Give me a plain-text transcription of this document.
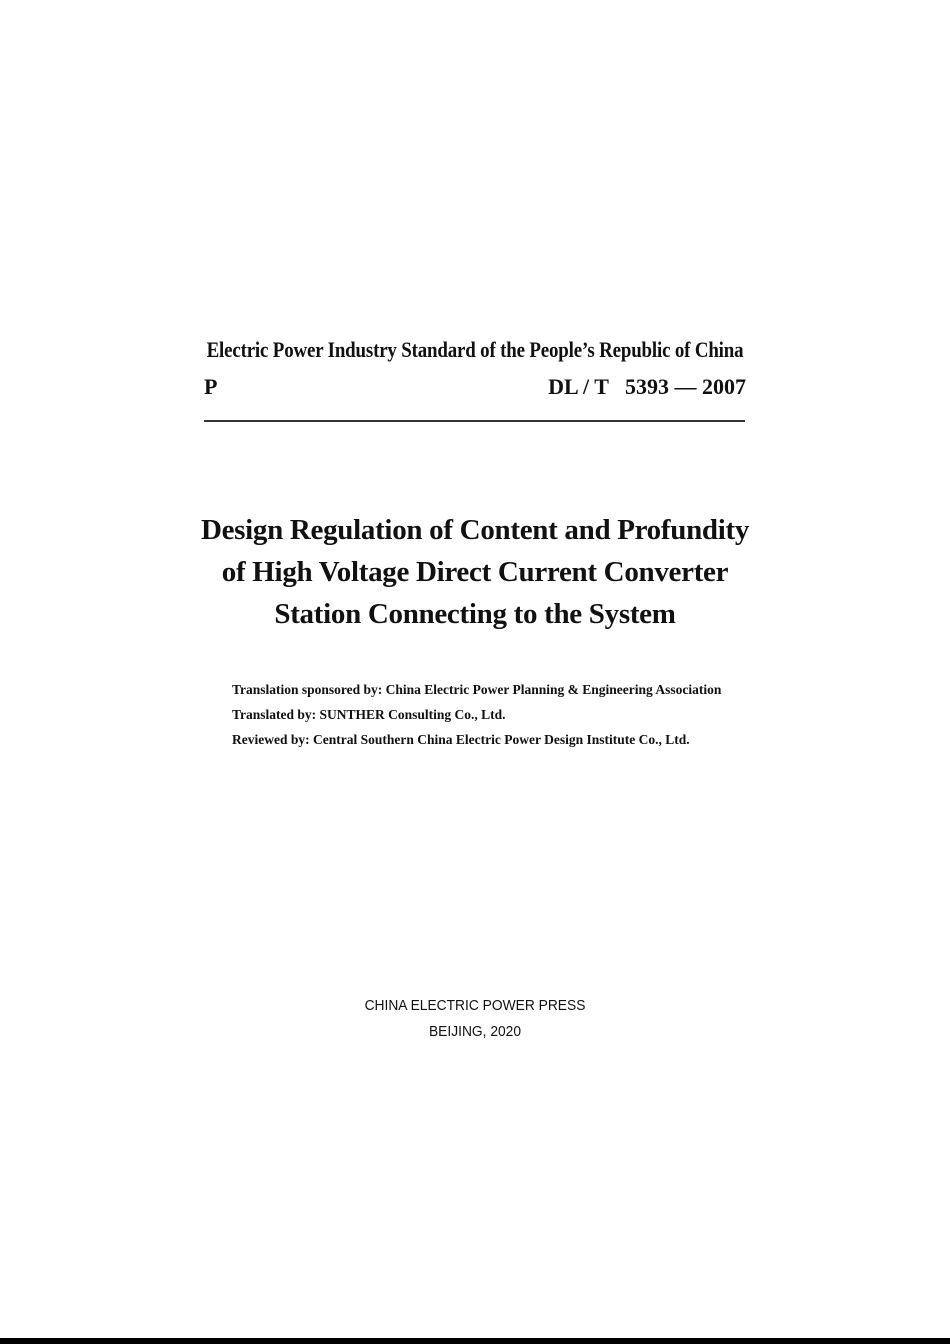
Electric Power Industry Standard of the People’s Republic of China
P	DL / T   5393 — 2007
Design Regulation of Content and Profundity
of High Voltage Direct Current Converter
Station Connecting to the System
Translation sponsored by: China Electric Power Planning & Engineering Association
Translated by: SUNTHER Consulting Co., Ltd.
Reviewed by: Central Southern China Electric Power Design Institute Co., Ltd.
CHINA ELECTRIC POWER PRESS
BEIJING, 2020
